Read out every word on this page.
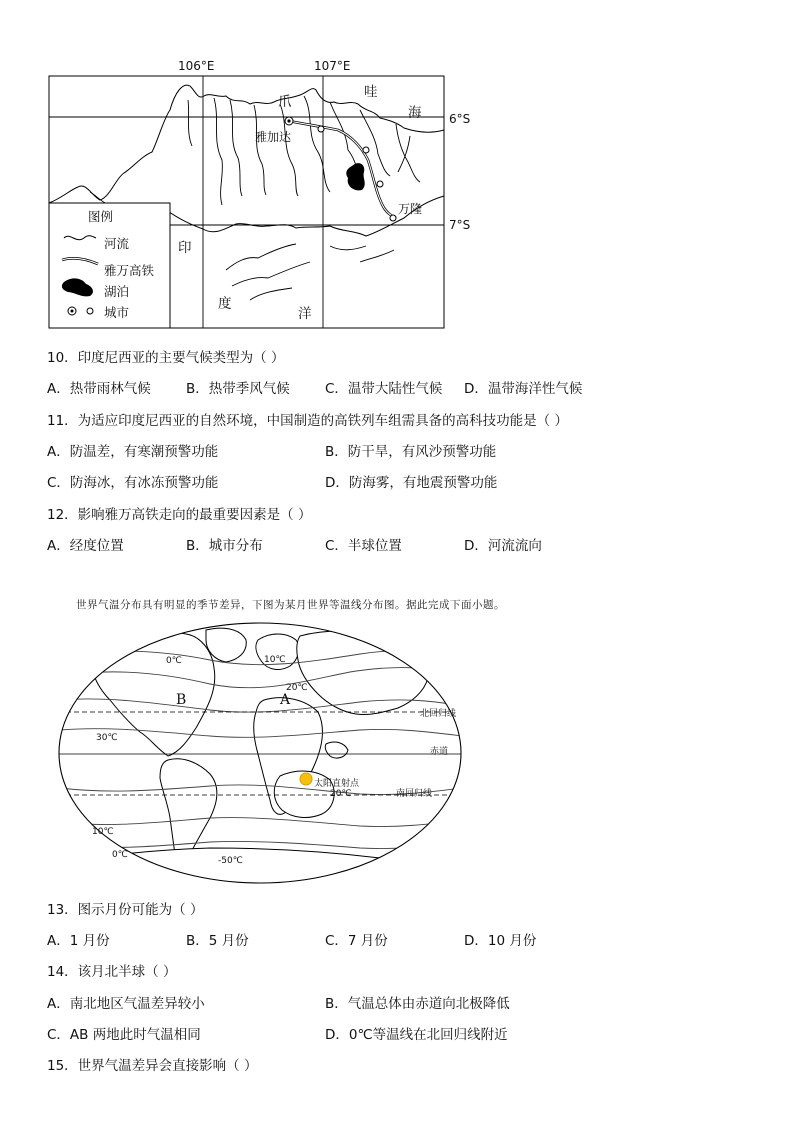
106°E	107°E
6°S
7°S
爪
哇
海
雅加达
万隆
印
度
洋
图例
河流
雅万高铁
湖泊
城市
10．印度尼西亚的主要气候类型为（ ）
A．热带雨林气候	B．热带季风气候	C．温带大陆性气候 D．温带海洋性气候
11．为适应印度尼西亚的自然环境，中国制造的高铁列车组需具备的高科技功能是（ ）
A．防温差，有寒潮预警功能	B．防干旱，有风沙预警功能
C．防海冰，有冰冻预警功能	D．防海雾，有地震预警功能
12．影响雅万高铁走向的最重要因素是（ ）
A．经度位置	B．城市分布	C．半球位置	D．河流流向
世界气温分布具有明显的季节差异，下图为某月世界等温线分布图。据此完成下面小题。
A
B
0℃	10℃
20℃
30℃
20℃
10℃
0℃
-50℃
北回归线
赤道
南回归线
太阳直射点
13．图示月份可能为（ ）
A．1 月份	B．5 月份	C．7 月份	D．10 月份
14．该月北半球（ ）
A．南北地区气温差异较小	B．气温总体由赤道向北极降低
C．AB 两地此时气温相同	D．0℃等温线在北回归线附近
15．世界气温差异会直接影响（ ）
